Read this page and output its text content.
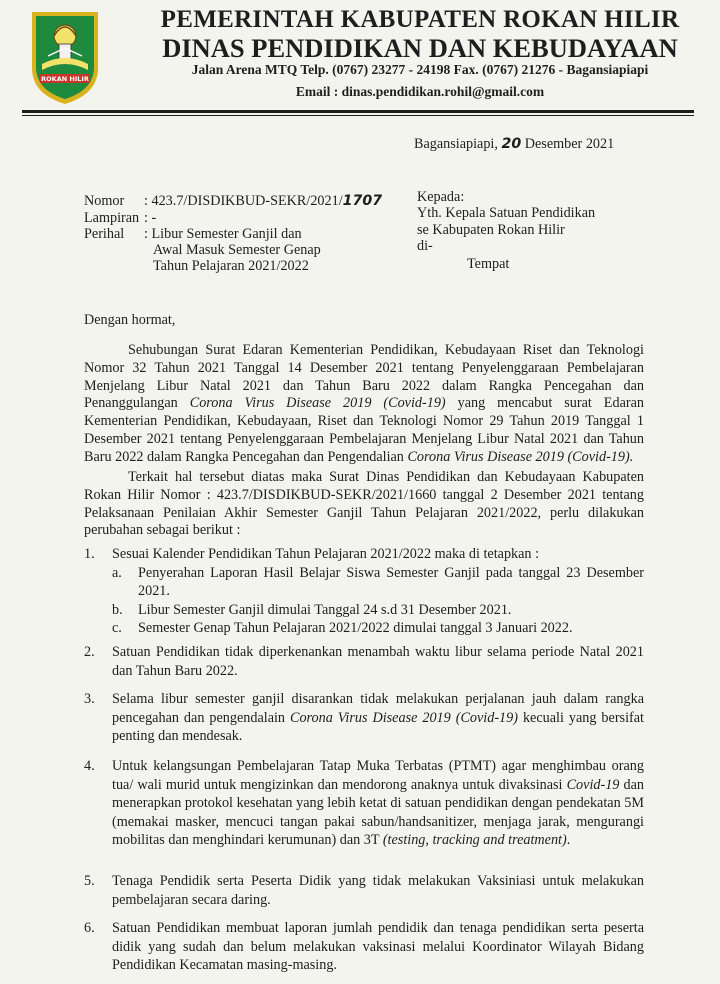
ROKAN HILIR
PEMERINTAH KABUPATEN ROKAN HILIR
DINAS PENDIDIKAN DAN KEBUDAYAAN
Jalan Arena MTQ Telp. (0767) 23277 - 24198 Fax. (0767) 21276 - Bagansiapiapi
Email : dinas.pendidikan.rohil@gmail.com
Bagansiapiapi, 20 Desember 2021
Nomor : 423.7/DISDIKBUD-SEKR/2021/1707
Lampiran : -
Perihal : Libur Semester Ganjil dan
Awal Masuk Semester Genap
Tahun Pelajaran 2021/2022
Kepada:
Yth. Kepala Satuan Pendidikan
se Kabupaten Rokan Hilir
di-
Tempat
Dengan hormat,
Sehubungan Surat Edaran Kementerian Pendidikan, Kebudayaan Riset dan Teknologi Nomor 32 Tahun 2021 Tanggal 14 Desember 2021 tentang Penyelenggaraan Pembelajaran Menjelang Libur Natal 2021 dan Tahun Baru 2022 dalam Rangka Pencegahan dan Penanggulangan Corona Virus Disease 2019 (Covid-19) yang mencabut surat Edaran Kementerian Pendidikan, Kebudayaan, Riset dan Teknologi Nomor 29 Tahun 2019 Tanggal 1 Desember 2021 tentang Penyelenggaraan Pembelajaran Menjelang Libur Natal 2021 dan Tahun Baru 2022 dalam Rangka Pencegahan dan Pengendalian Corona Virus Disease 2019 (Covid-19).
Terkait hal tersebut diatas maka Surat Dinas Pendidikan dan Kebudayaan Kabupaten Rokan Hilir Nomor : 423.7/DISDIKBUD-SEKR/2021/1660 tanggal 2 Desember 2021 tentang Pelaksanaan Penilaian Akhir Semester Ganjil Tahun Pelajaran 2021/2022, perlu dilakukan perubahan sebagai berikut :
1. Sesuai Kalender Pendidikan Tahun Pelajaran 2021/2022 maka di tetapkan :
a. Penyerahan Laporan Hasil Belajar Siswa Semester Ganjil pada tanggal 23 Desember 2021.
b. Libur Semester Ganjil dimulai Tanggal 24 s.d 31 Desember 2021.
c. Semester Genap Tahun Pelajaran 2021/2022 dimulai tanggal 3 Januari 2022.
2. Satuan Pendidikan tidak diperkenankan menambah waktu libur selama periode Natal 2021 dan Tahun Baru 2022.
3. Selama libur semester ganjil disarankan tidak melakukan perjalanan jauh dalam rangka pencegahan dan pengendalain Corona Virus Disease 2019 (Covid-19) kecuali yang bersifat penting dan mendesak.
4. Untuk kelangsungan Pembelajaran Tatap Muka Terbatas (PTMT) agar menghimbau orang tua/ wali murid untuk mengizinkan dan mendorong anaknya untuk divaksinasi Covid-19 dan menerapkan protokol kesehatan yang lebih ketat di satuan pendidikan dengan pendekatan 5M (memakai masker, mencuci tangan pakai sabun/handsanitizer, menjaga jarak, mengurangi mobilitas dan menghindari kerumunan) dan 3T (testing, tracking and treatment).
5. Tenaga Pendidik serta Peserta Didik yang tidak melakukan Vaksiniasi untuk melakukan pembelajaran secara daring.
6. Satuan Pendidikan membuat laporan jumlah pendidik dan tenaga pendidikan serta peserta didik yang sudah dan belum melakukan vaksinasi melalui Koordinator Wilayah Bidang Pendidikan Kecamatan masing-masing.
